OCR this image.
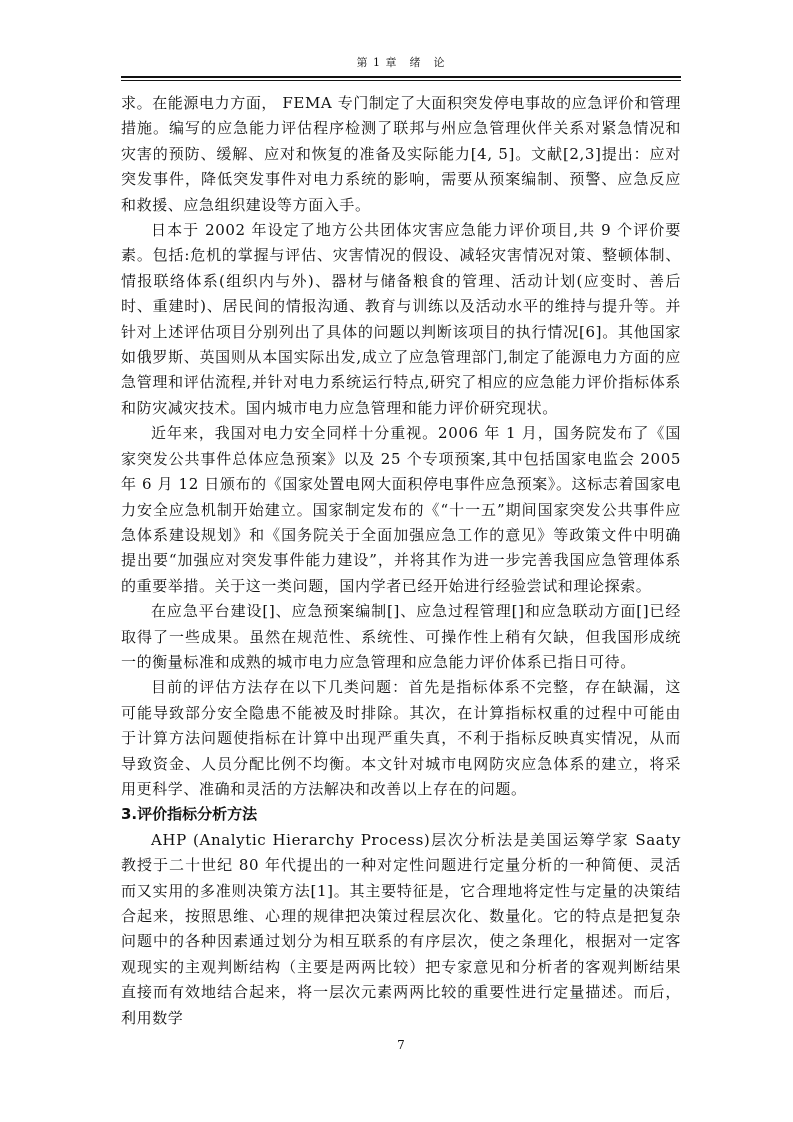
第 1 章　绪　论

求。在能源电力方面， FEMA 专门制定了大面积突发停电事故的应急评价和管理措施。编写的应急能力评估程序检测了联邦与州应急管理伙伴关系对紧急情况和灾害的预防、缓解、应对和恢复的准备及实际能力[4, 5]。文献[2,3]提出：应对突发事件，降低突发事件对电力系统的影响，需要从预案编制、预警、应急反应和救援、应急组织建设等方面入手。

日本于 2002 年设定了地方公共团体灾害应急能力评价项目,共 9 个评价要素。包括:危机的掌握与评估、灾害情况的假设、减轻灾害情况对策、整顿体制、情报联络体系(组织内与外)、器材与储备粮食的管理、活动计划(应变时、善后时、重建时)、居民间的情报沟通、教育与训练以及活动水平的维持与提升等。并针对上述评估项目分别列出了具体的问题以判断该项目的执行情况[6]。其他国家如俄罗斯、英国则从本国实际出发,成立了应急管理部门,制定了能源电力方面的应急管理和评估流程,并针对电力系统运行特点,研究了相应的应急能力评价指标体系和防灾减灾技术。国内城市电力应急管理和能力评价研究现状。

近年来，我国对电力安全同样十分重视。2006 年 1 月，国务院发布了《国家突发公共事件总体应急预案》以及 25 个专项预案,其中包括国家电监会 2005 年 6 月 12 日颁布的《国家处置电网大面积停电事件应急预案》。这标志着国家电力安全应急机制开始建立。国家制定发布的《“十一五”期间国家突发公共事件应急体系建设规划》和《国务院关于全面加强应急工作的意见》等政策文件中明确提出要“加强应对突发事件能力建设”，并将其作为进一步完善我国应急管理体系的重要举措。关于这一类问题，国内学者已经开始进行经验尝试和理论探索。

在应急平台建设[]、应急预案编制[]、应急过程管理[]和应急联动方面[]已经取得了一些成果。虽然在规范性、系统性、可操作性上稍有欠缺，但我国形成统一的衡量标准和成熟的城市电力应急管理和应急能力评价体系已指日可待。

目前的评估方法存在以下几类问题：首先是指标体系不完整，存在缺漏，这可能导致部分安全隐患不能被及时排除。其次，在计算指标权重的过程中可能由于计算方法问题使指标在计算中出现严重失真，不利于指标反映真实情况，从而导致资金、人员分配比例不均衡。本文针对城市电网防灾应急体系的建立，将采用更科学、准确和灵活的方法解决和改善以上存在的问题。

3.评价指标分析方法

AHP (Analytic Hierarchy Process)层次分析法是美国运筹学家 Saaty 教授于二十世纪 80 年代提出的一种对定性问题进行定量分析的一种简便、灵活而又实用的多准则决策方法[1]。其主要特征是，它合理地将定性与定量的决策结合起来，按照思维、心理的规律把决策过程层次化、数量化。它的特点是把复杂问题中的各种因素通过划分为相互联系的有序层次，使之条理化，根据对一定客观现实的主观判断结构（主要是两两比较）把专家意见和分析者的客观判断结果直接而有效地结合起来，将一层次元素两两比较的重要性进行定量描述。而后，利用数学

7
